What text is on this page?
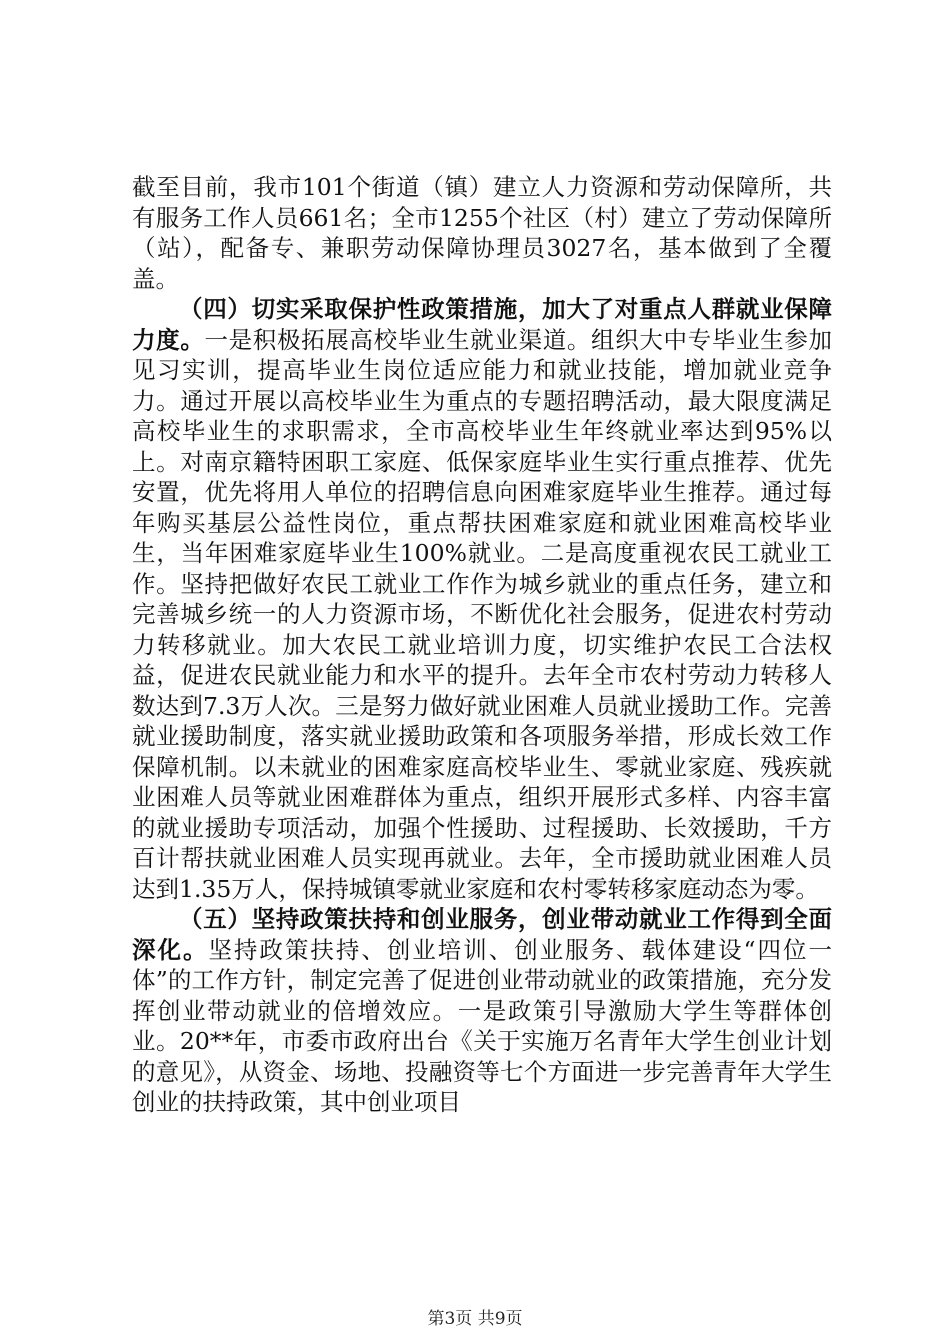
截至目前，我市101个街道（镇）建立人力资源和劳动保障所，共有服务工作人员661名；全市1255个社区（村）建立了劳动保障所（站），配备专、兼职劳动保障协理员3027名，基本做到了全覆盖。

（四）切实采取保护性政策措施，加大了对重点人群就业保障力度。一是积极拓展高校毕业生就业渠道。组织大中专毕业生参加见习实训，提高毕业生岗位适应能力和就业技能，增加就业竞争力。通过开展以高校毕业生为重点的专题招聘活动，最大限度满足高校毕业生的求职需求，全市高校毕业生年终就业率达到95%以上。对南京籍特困职工家庭、低保家庭毕业生实行重点推荐、优先安置，优先将用人单位的招聘信息向困难家庭毕业生推荐。通过每年购买基层公益性岗位，重点帮扶困难家庭和就业困难高校毕业生，当年困难家庭毕业生100%就业。二是高度重视农民工就业工作。坚持把做好农民工就业工作作为城乡就业的重点任务，建立和完善城乡统一的人力资源市场，不断优化社会服务，促进农村劳动力转移就业。加大农民工就业培训力度，切实维护农民工合法权益，促进农民就业能力和水平的提升。去年全市农村劳动力转移人数达到7.3万人次。三是努力做好就业困难人员就业援助工作。完善就业援助制度，落实就业援助政策和各项服务举措，形成长效工作保障机制。以未就业的困难家庭高校毕业生、零就业家庭、残疾就业困难人员等就业困难群体为重点，组织开展形式多样、内容丰富的就业援助专项活动，加强个性援助、过程援助、长效援助，千方百计帮扶就业困难人员实现再就业。去年，全市援助就业困难人员达到1.35万人，保持城镇零就业家庭和农村零转移家庭动态为零。

（五）坚持政策扶持和创业服务，创业带动就业工作得到全面深化。坚持政策扶持、创业培训、创业服务、载体建设“四位一体”的工作方针，制定完善了促进创业带动就业的政策措施，充分发挥创业带动就业的倍增效应。一是政策引导激励大学生等群体创业。20**年，市委市政府出台《关于实施万名青年大学生创业计划的意见》，从资金、场地、投融资等七个方面进一步完善青年大学生创业的扶持政策，其中创业项目

第3页 共9页
